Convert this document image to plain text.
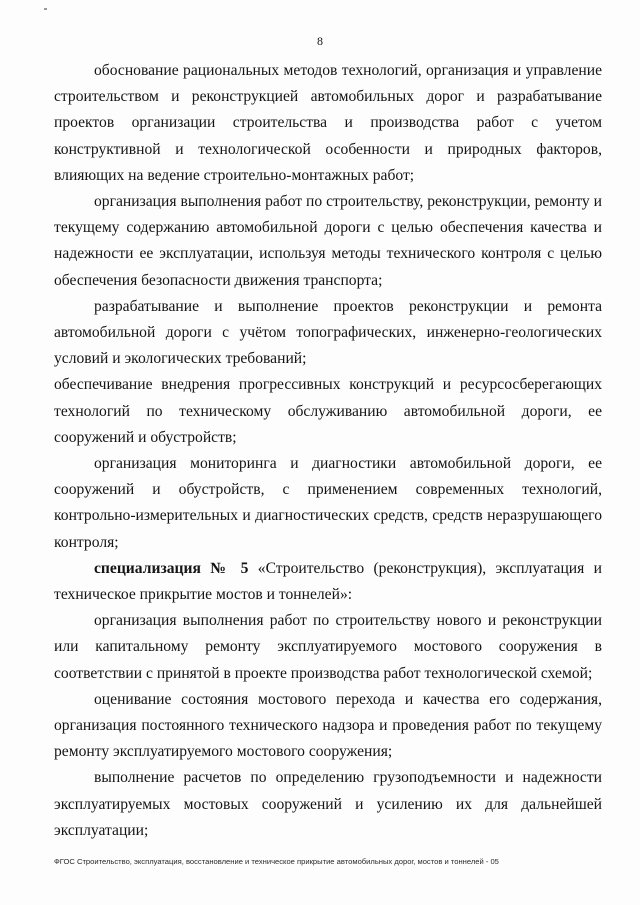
8

обоснование рациональных методов технологий, организация и управление строительством и реконструкцией автомобильных дорог и разрабатывание проектов организации строительства и производства работ с учетом конструктивной и технологической особенности и природных факторов, влияющих на ведение строительно-монтажных работ;

организация выполнения работ по строительству, реконструкции, ремонту и текущему содержанию автомобильной дороги с целью обеспечения качества и надежности ее эксплуатации, используя методы технического контроля с целью обеспечения безопасности движения транспорта;

разрабатывание и выполнение проектов реконструкции и ремонта автомобильной дороги с учётом топографических, инженерно-геологических условий и экологических требований;

обеспечивание внедрения прогрессивных конструкций и ресурсосберегающих технологий по техническому обслуживанию автомобильной дороги, ее сооружений и обустройств;

организация мониторинга и диагностики автомобильной дороги, ее сооружений и обустройств, с применением современных технологий, контрольно-измерительных и диагностических средств, средств неразрушающего контроля;

специализация № 5 «Строительство (реконструкция), эксплуатация и техническое прикрытие мостов и тоннелей»:

организация выполнения работ по строительству нового и реконструкции или капитальному ремонту эксплуатируемого мостового сооружения в соответствии с принятой в проекте производства работ технологической схемой;

оценивание состояния мостового перехода и качества его содержания, организация постоянного технического надзора и проведения работ по текущему ремонту эксплуатируемого мостового сооружения;

выполнение расчетов по определению грузоподъемности и надежности эксплуатируемых мостовых сооружений и усилению их для дальнейшей эксплуатации;

ФГОС Строительство, эксплуатация, восстановление и техническое прикрытие автомобильных дорог, мостов и тоннелей - 05
